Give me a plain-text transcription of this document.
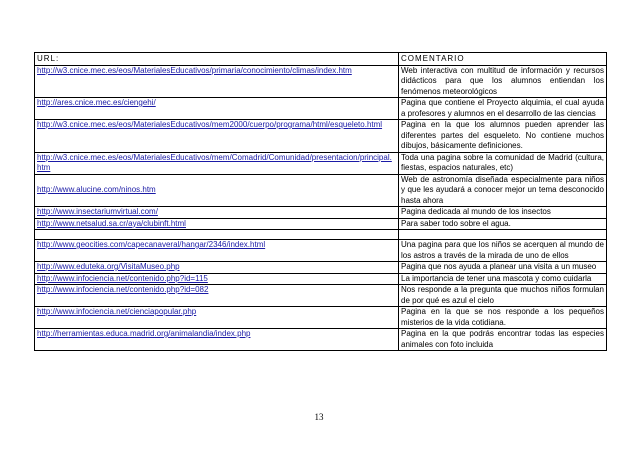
URL:	COMENTARIO
http://w3.cnice.mec.es/eos/MaterialesEducativos/primaria/conocimiento/climas/index.htm	Web interactiva con multitud de información y recursos didácticos para que los alumnos entiendan los fenómenos meteorológicos
http://ares.cnice.mec.es/ciengehi/	Pagina que contiene el Proyecto alquimia, el cual ayuda a profesores y alumnos en el desarrollo de las ciencias
http://w3.cnice.mec.es/eos/MaterialesEducativos/mem2000/cuerpo/programa/html/esqueleto.html	Pagina en la que los alumnos pueden aprender las diferentes partes del esqueleto. No contiene muchos dibujos, básicamente definiciones.
http://w3.cnice.mec.es/eos/MaterialesEducativos/mem/Comadrid/Comunidad/presentacion/principal.htm	Toda una pagina sobre la comunidad de Madrid (cultura, fiestas, espacios naturales, etc)
http://www.alucine.com/ninos.htm	Web de astronomía diseñada especialmente para niños y que les ayudará a conocer mejor un tema desconocido hasta ahora
http://www.insectariumvirtual.com/	Pagina dedicada al mundo de los insectos
http://www.netsalud.sa.cr/aya/clubinft.html	Para saber todo sobre el agua.

http://www.geocities.com/capecanaveral/hangar/2346/index.html	Una pagina para que los niños se acerquen al mundo de los astros a través de la mirada de uno de ellos
http://www.eduteka.org/VisitaMuseo.php	Pagina que nos ayuda a planear una visita a un museo
http://www.infociencia.net/contenido.php?id=115	La importancia de tener una mascota y como cuidarla
http://www.infociencia.net/contenido.php?id=082	Nos responde a la pregunta que muchos niños formulan de por qué es azul el cielo
http://www.infociencia.net/cienciapopular.php	Pagina en la que se nos responde a los pequeños misterios de la vida cotidiana.
http://herramientas.educa.madrid.org/animalandia/index.php	Pagina en la que podrás encontrar todas las especies animales con foto incluida
13
